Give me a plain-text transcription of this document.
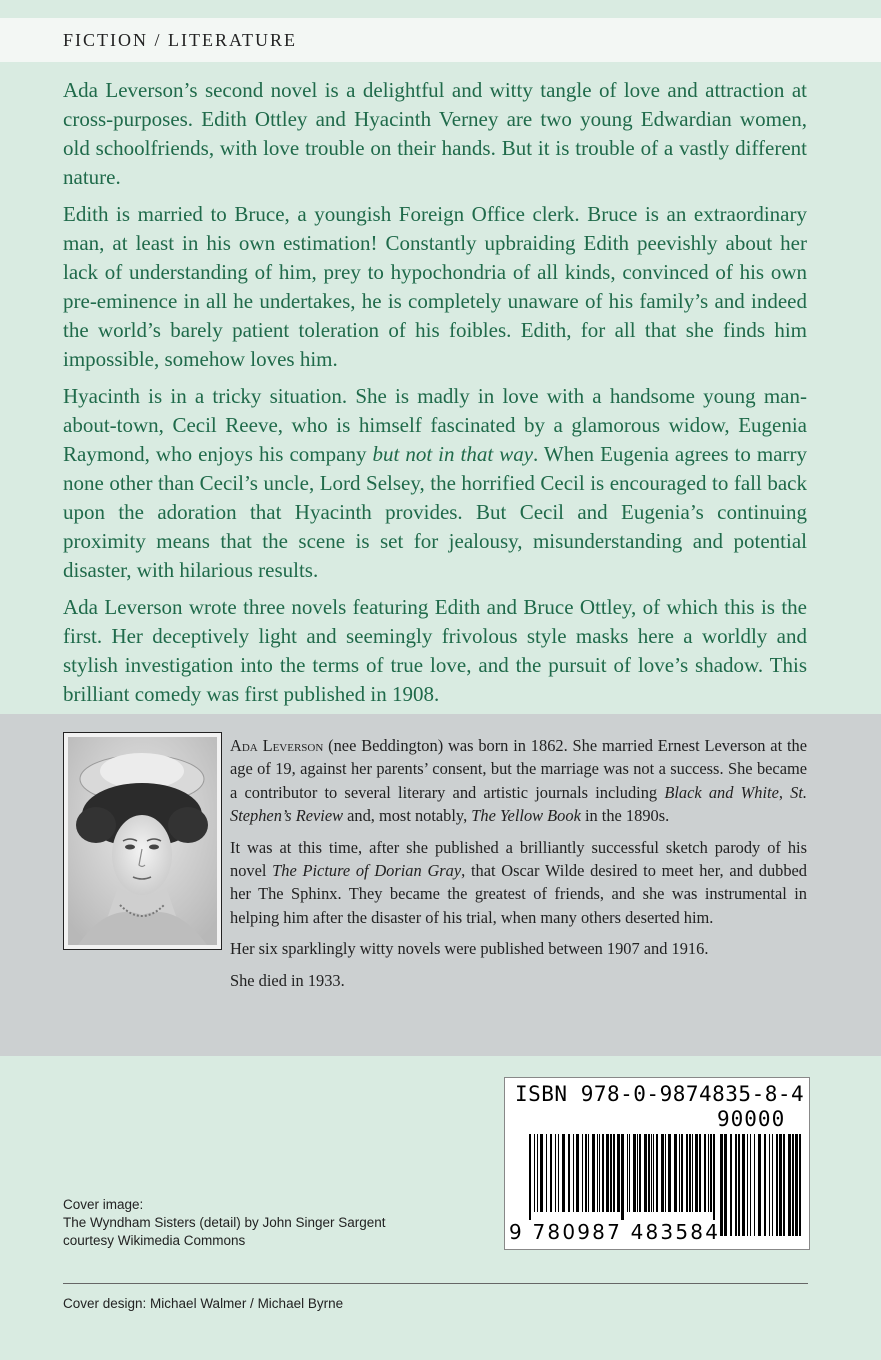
FICTION / LITERATURE

Ada Leverson’s second novel is a delightful and witty tangle of love and attraction at cross-purposes. Edith Ottley and Hyacinth Verney are two young Edwardian women, old schoolfriends, with love trouble on their hands. But it is trouble of a vastly different nature.

Edith is married to Bruce, a youngish Foreign Office clerk. Bruce is an extraordinary man, at least in his own estimation! Constantly upbraiding Edith peevishly about her lack of understanding of him, prey to hypochondria of all kinds, convinced of his own pre-eminence in all he undertakes, he is completely unaware of his family’s and indeed the world’s barely patient toleration of his foibles. Edith, for all that she finds him impossible, somehow loves him.

Hyacinth is in a tricky situation. She is madly in love with a handsome young man-about-town, Cecil Reeve, who is himself fascinated by a glamorous widow, Eugenia Raymond, who enjoys his company but not in that way. When Eugenia agrees to marry none other than Cecil’s uncle, Lord Selsey, the horrified Cecil is encouraged to fall back upon the adoration that Hyacinth provides. But Cecil and Eugenia’s continuing proximity means that the scene is set for jealousy, misunderstanding and potential disaster, with hilarious results.

Ada Leverson wrote three novels featuring Edith and Bruce Ottley, of which this is the first. Her deceptively light and seemingly frivolous style masks here a worldly and stylish investigation into the terms of true love, and the pursuit of love’s shadow. This brilliant comedy was first published in 1908.

Ada Leverson (nee Beddington) was born in 1862. She married Ernest Leverson at the age of 19, against her parents’ consent, but the marriage was not a success. She became a contributor to several literary and artistic journals including Black and White, St. Stephen’s Review and, most notably, The Yellow Book in the 1890s.

It was at this time, after she published a brilliantly successful sketch parody of his novel The Picture of Dorian Gray, that Oscar Wilde desired to meet her, and dubbed her The Sphinx. They became the greatest of friends, and she was instrumental in helping him after the disaster of his trial, when many others deserted him.

Her six sparklingly witty novels were published between 1907 and 1916.

She died in 1933.

ISBN 978-0-9874835-8-4
90000
9 780987 483584
Cover image:
The Wyndham Sisters (detail) by John Singer Sargent
courtesy Wikimedia Commons
Cover design: Michael Walmer / Michael Byrne
